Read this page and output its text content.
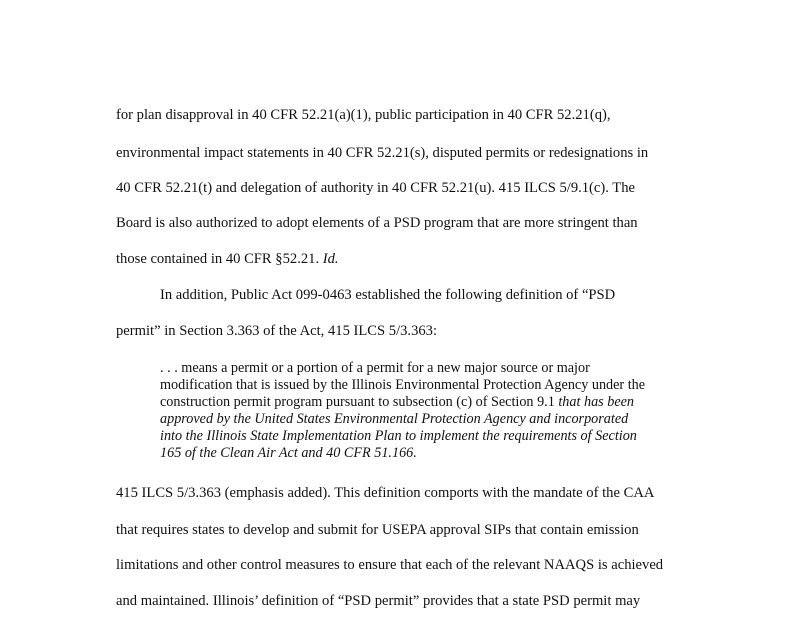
for plan disapproval in 40 CFR 52.21(a)(1), public participation in 40 CFR 52.21(q),
environmental impact statements in 40 CFR 52.21(s), disputed permits or redesignations in
40 CFR 52.21(t) and delegation of authority in 40 CFR 52.21(u). 415 ILCS 5/9.1(c). The
Board is also authorized to adopt elements of a PSD program that are more stringent than
those contained in 40 CFR §52.21. Id.
In addition, Public Act 099-0463 established the following definition of “PSD
permit” in Section 3.363 of the Act, 415 ILCS 5/3.363:
. . . means a permit or a portion of a permit for a new major source or major
modification that is issued by the Illinois Environmental Protection Agency under the
construction permit program pursuant to subsection (c) of Section 9.1 that has been
approved by the United States Environmental Protection Agency and incorporated
into the Illinois State Implementation Plan to implement the requirements of Section
165 of the Clean Air Act and 40 CFR 51.166.
415 ILCS 5/3.363 (emphasis added). This definition comports with the mandate of the CAA
that requires states to develop and submit for USEPA approval SIPs that contain emission
limitations and other control measures to ensure that each of the relevant NAAQS is achieved
and maintained. Illinois’ definition of “PSD permit” provides that a state PSD permit may
